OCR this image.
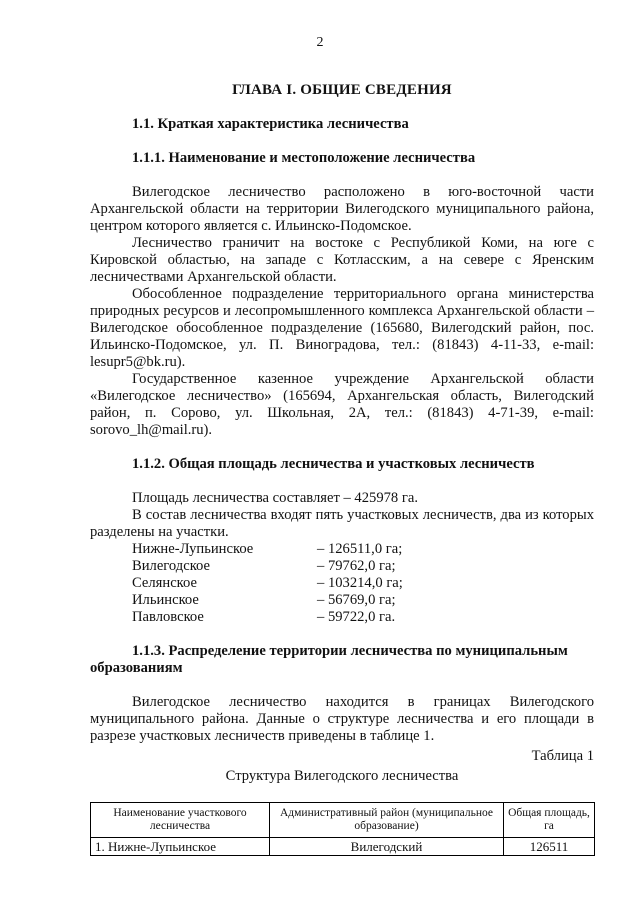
2
ГЛАВА I. ОБЩИЕ СВЕДЕНИЯ
1.1. Краткая характеристика лесничества
1.1.1. Наименование и местоположение лесничества

Вилегодское лесничество расположено в юго-восточной части Архангельской области на территории Вилегодского муниципального района, центром которого является с. Ильинско-Подомское.

Лесничество граничит на востоке с Республикой Коми, на юге с Кировской областью, на западе с Котласским, а на севере с Яренским лесничествами Архангельской области.

Обособленное подразделение территориального органа министерства природных ресурсов и лесопромышленного комплекса Архангельской области – Вилегодское обособленное подразделение (165680, Вилегодский район, пос. Ильинско-Подомское, ул. П. Виноградова, тел.: (81843) 4-11-33, e-mail: lesupr5@bk.ru).

Государственное казенное учреждение Архангельской области «Вилегодское лесничество» (165694, Архангельская область, Вилегодский район, п. Сорово, ул. Школьная, 2А, тел.: (81843) 4-71-39, e-mail: sorovo_lh@mail.ru).

1.1.2. Общая площадь лесничества и участковых лесничеств

Площадь лесничества составляет – 425978 га.

В состав лесничества входят пять участковых лесничеств, два из которых разделены на участки.

Нижне-Лупьинское	– 126511,0 га;
Вилегодское	– 79762,0 га;
Селянское	– 103214,0 га;
Ильинское	– 56769,0 га;
Павловское	– 59722,0 га.
1.1.3. Распределение территории лесничества по муниципальным образованиям

Вилегодское лесничество находится в границах Вилегодского муниципального района. Данные о структуре лесничества и его площади в разрезе участковых лесничеств приведены в таблице 1.

Таблица 1
Структура Вилегодского лесничества
Наименование участкового лесничества	Административный район (муниципальное образование)	Общая площадь, га
1. Нижне-Лупьинское	Вилегодский	126511
